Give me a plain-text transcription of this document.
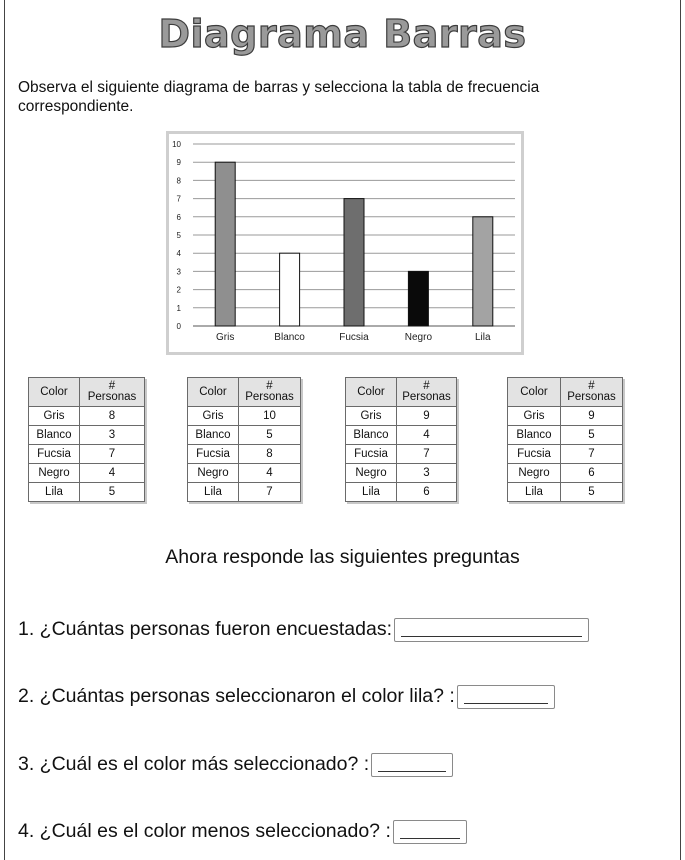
Diagrama Barras
Observa el siguiente diagrama de barras y selecciona la tabla de frecuencia correspondiente.
0
1
2
3
4
5
6
7
8
9
10
Gris	Blanco	Fucsia	Negro	Lila
Color	#
Personas
Gris	8
Blanco	3
Fucsia	7
Negro	4
Lila	5
Color	#
Personas
Gris	10
Blanco	5
Fucsia	8
Negro	4
Lila	7
Color	#
Personas
Gris	9
Blanco	4
Fucsia	7
Negro	3
Lila	6
Color	#
Personas
Gris	9
Blanco	5
Fucsia	7
Negro	6
Lila	5
Ahora responde las siguientes preguntas
1. ¿Cuántas personas fueron encuestadas:
2. ¿Cuántas personas seleccionaron el color lila? :
3. ¿Cuál es el color más seleccionado? :
4. ¿Cuál es el color menos seleccionado? :
